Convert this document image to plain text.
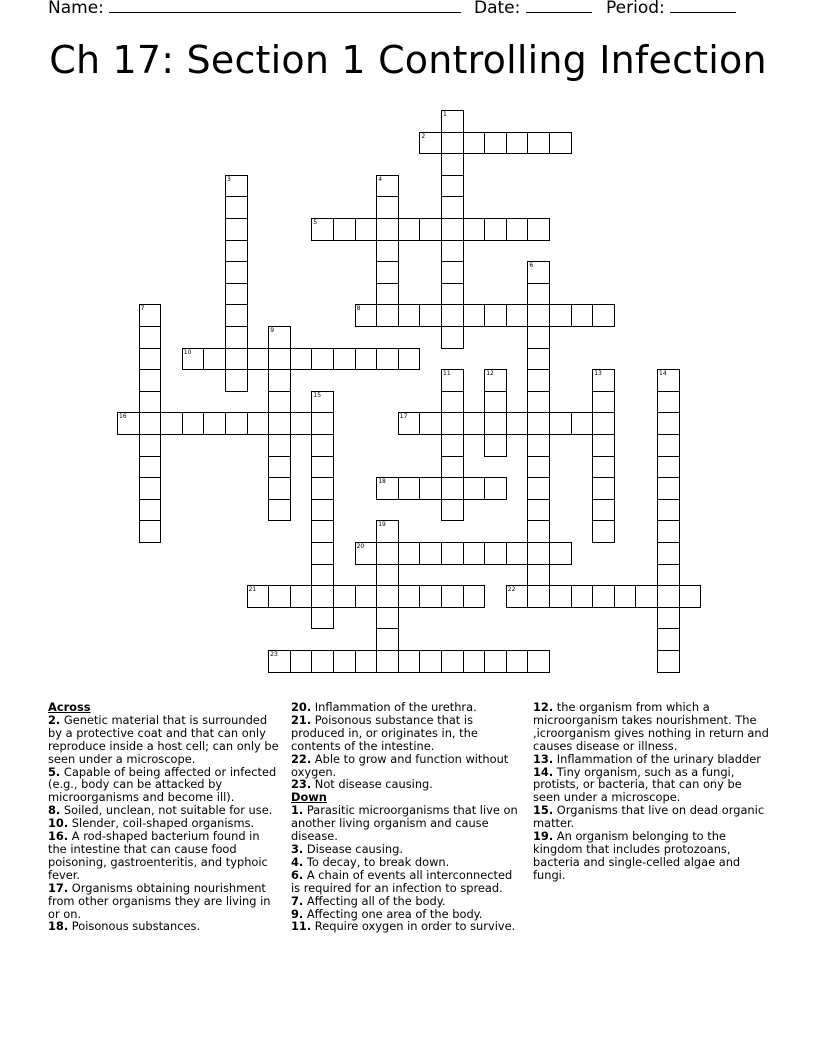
Name:	Date:	Period:
Ch 17: Section 1 Controlling Infection
1
2
3	4
5
6
7	8
9
10
11	12	13	14
15
16	17
18
19
20
21	22
23
Across

2. Genetic material that is surrounded by a protective coat and that can only reproduce inside a host cell; can only be seen under a microscope.

5. Capable of being affected or infected (e.g., body can be attacked by microorganisms and become ill).

8. Soiled, unclean, not suitable for use.

10. Slender, coil-shaped organisms.

16. A rod-shaped bacterium found in the intestine that can cause food poisoning, gastroenteritis, and typhoic fever.

17. Organisms obtaining nourishment from other organisms they are living in or on.

18. Poisonous substances.

20. Inflammation of the urethra.

21. Poisonous substance that is produced in, or originates in, the contents of the intestine.

22. Able to grow and function without oxygen.

23. Not disease causing.

Down

1. Parasitic microorganisms that live on another living organism and cause disease.

3. Disease causing.

4. To decay, to break down.

6. A chain of events all interconnected is required for an infection to spread.

7. Affecting all of the body.

9. Affecting one area of the body.

11. Require oxygen in order to survive.

12. the organism from which a microorganism takes nourishment. The ,icroorganism gives nothing in return and causes disease or illness.

13. Inflammation of the urinary bladder

14. Tiny organism, such as a fungi, protists, or bacteria, that can ony be seen under a microscope.

15. Organisms that live on dead organic matter.

19. An organism belonging to the kingdom that includes protozoans, bacteria and single-celled algae and fungi.
